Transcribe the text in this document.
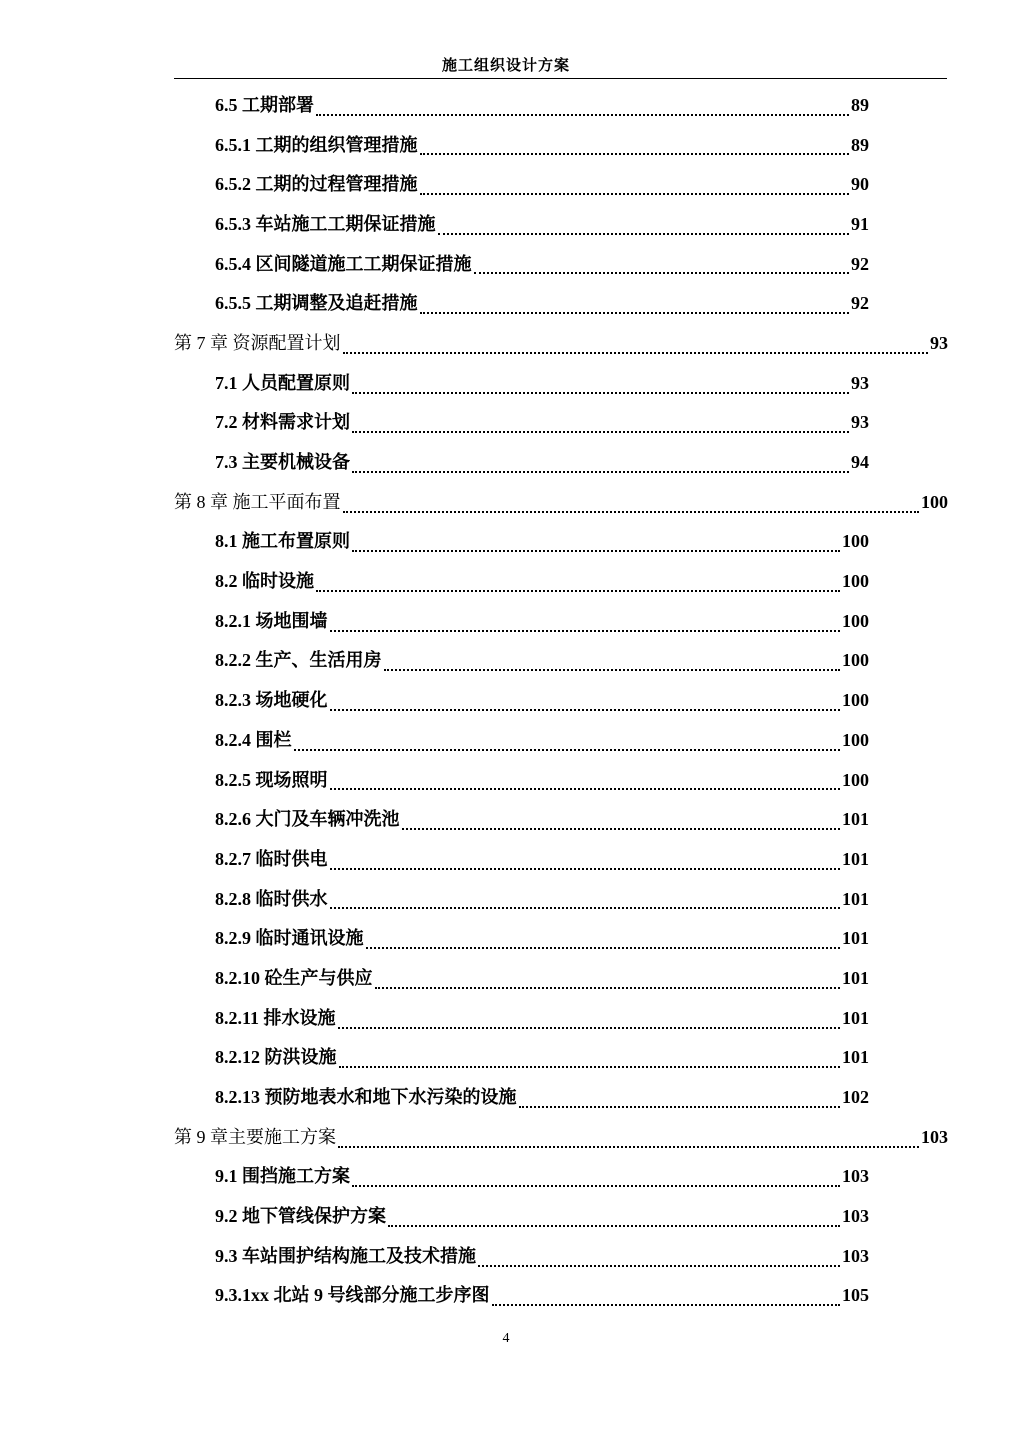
施工组织设计方案
6.5 工期部署	89
6.5.1 工期的组织管理措施	89
6.5.2 工期的过程管理措施	90
6.5.3 车站施工工期保证措施	91
6.5.4 区间隧道施工工期保证措施	92
6.5.5 工期调整及追赶措施	92
第 7 章 资源配置计划	93
7.1 人员配置原则	93
7.2 材料需求计划	93
7.3 主要机械设备	94
第 8 章 施工平面布置	100
8.1 施工布置原则	100
8.2 临时设施	100
8.2.1 场地围墙	100
8.2.2 生产、生活用房	100
8.2.3 场地硬化	100
8.2.4 围栏	100
8.2.5 现场照明	100
8.2.6 大门及车辆冲洗池	101
8.2.7 临时供电	101
8.2.8 临时供水	101
8.2.9 临时通讯设施	101
8.2.10 砼生产与供应	101
8.2.11 排水设施	101
8.2.12 防洪设施	101
8.2.13 预防地表水和地下水污染的设施	102
第 9 章主要施工方案	103
9.1 围挡施工方案	103
9.2 地下管线保护方案	103
9.3 车站围护结构施工及技术措施	103
9.3.1xx 北站 9 号线部分施工步序图	105
4
